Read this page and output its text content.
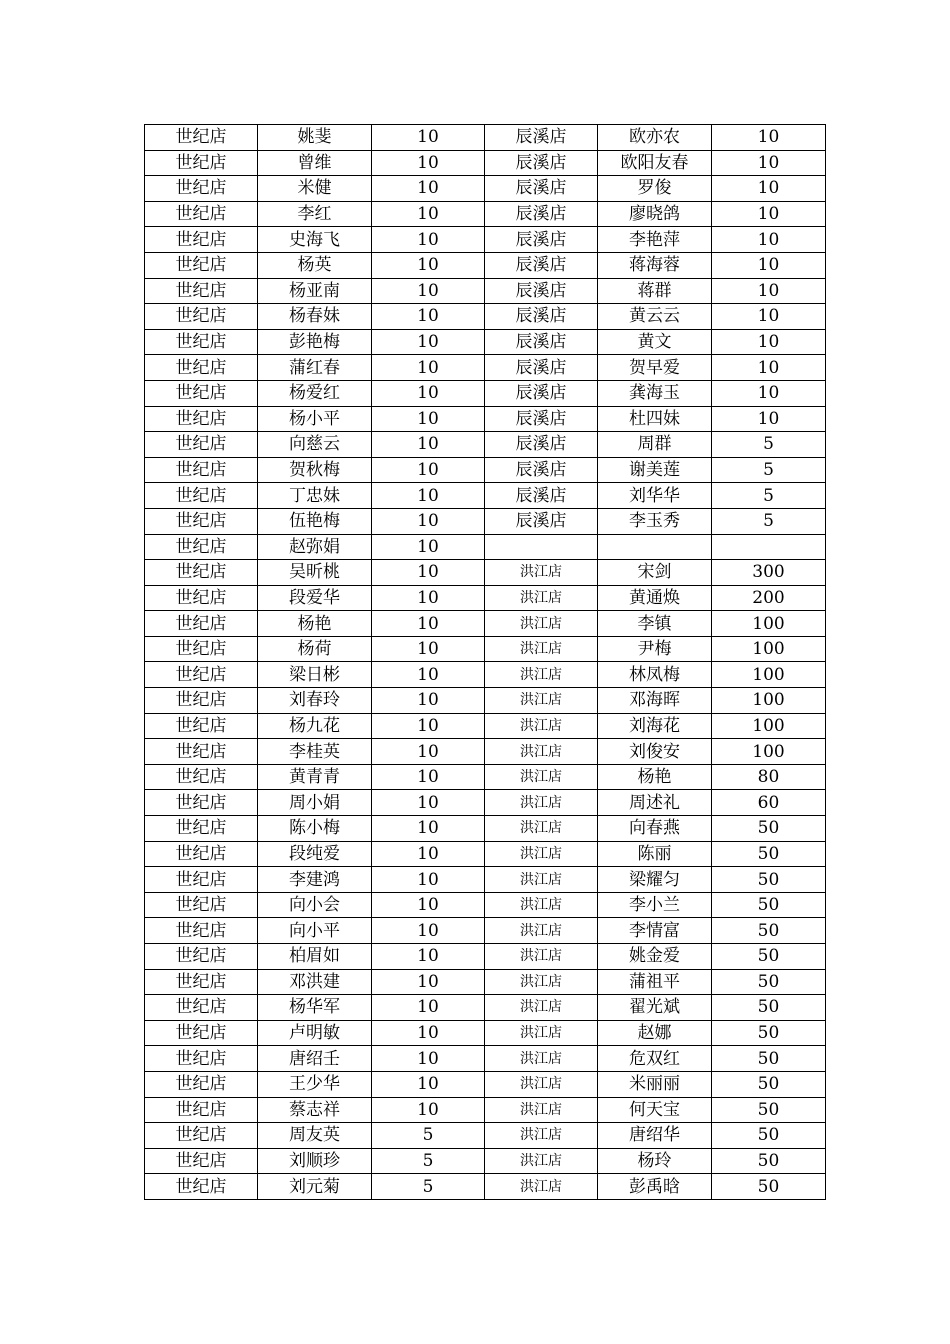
世纪店	姚斐	10	辰溪店	欧亦农	10
世纪店	曾维	10	辰溪店	欧阳友春	10
世纪店	米健	10	辰溪店	罗俊	10
世纪店	李红	10	辰溪店	廖晓鸽	10
世纪店	史海飞	10	辰溪店	李艳萍	10
世纪店	杨英	10	辰溪店	蒋海蓉	10
世纪店	杨亚南	10	辰溪店	蒋群	10
世纪店	杨春妹	10	辰溪店	黄云云	10
世纪店	彭艳梅	10	辰溪店	黄文	10
世纪店	蒲红春	10	辰溪店	贺早爱	10
世纪店	杨爱红	10	辰溪店	龚海玉	10
世纪店	杨小平	10	辰溪店	杜四妹	10
世纪店	向慈云	10	辰溪店	周群	5
世纪店	贺秋梅	10	辰溪店	谢美莲	5
世纪店	丁忠妹	10	辰溪店	刘华华	5
世纪店	伍艳梅	10	辰溪店	李玉秀	5
世纪店	赵弥娟	10			
世纪店	吴昕桃	10	洪江店	宋剑	300
世纪店	段爱华	10	洪江店	黄通焕	200
世纪店	杨艳	10	洪江店	李镇	100
世纪店	杨荷	10	洪江店	尹梅	100
世纪店	梁日彬	10	洪江店	林凤梅	100
世纪店	刘春玲	10	洪江店	邓海晖	100
世纪店	杨九花	10	洪江店	刘海花	100
世纪店	李桂英	10	洪江店	刘俊安	100
世纪店	黄青青	10	洪江店	杨艳	80
世纪店	周小娟	10	洪江店	周述礼	60
世纪店	陈小梅	10	洪江店	向春燕	50
世纪店	段纯爱	10	洪江店	陈丽	50
世纪店	李建鸿	10	洪江店	梁耀匀	50
世纪店	向小会	10	洪江店	李小兰	50
世纪店	向小平	10	洪江店	李情富	50
世纪店	柏眉如	10	洪江店	姚金爱	50
世纪店	邓洪建	10	洪江店	蒲祖平	50
世纪店	杨华军	10	洪江店	翟光斌	50
世纪店	卢明敏	10	洪江店	赵娜	50
世纪店	唐绍壬	10	洪江店	危双红	50
世纪店	王少华	10	洪江店	米丽丽	50
世纪店	蔡志祥	10	洪江店	何天宝	50
世纪店	周友英	5	洪江店	唐绍华	50
世纪店	刘顺珍	5	洪江店	杨玲	50
世纪店	刘元菊	5	洪江店	彭禹晗	50
